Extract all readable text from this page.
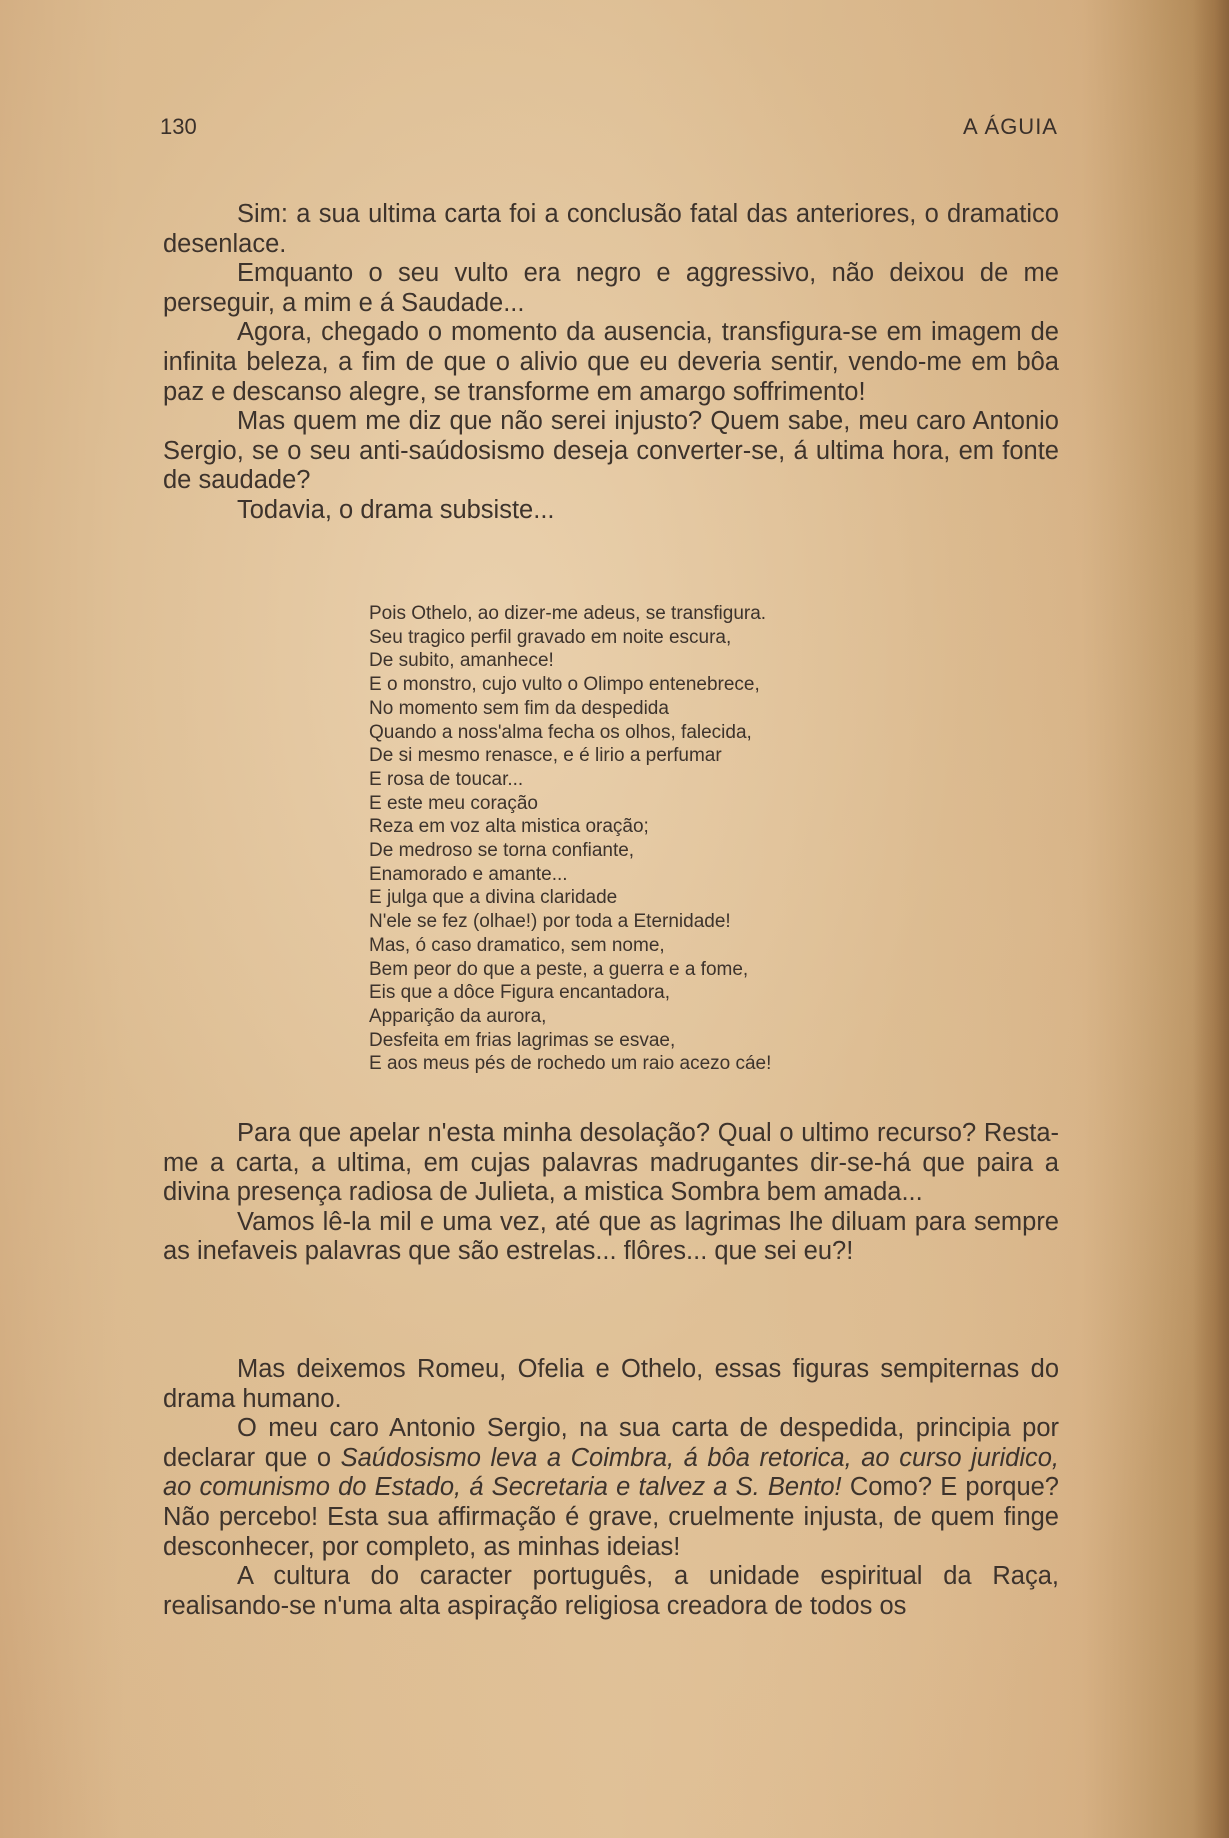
130	A ÁGUIA

Sim: a sua ultima carta foi a conclusão fatal das anteriores, o dramatico desenlace.

Emquanto o seu vulto era negro e aggressivo, não deixou de me perseguir, a mim e á Saudade...

Agora, chegado o momento da ausencia, transfigura-se em imagem de infinita beleza, a fim de que o alivio que eu deveria sentir, vendo-me em bôa paz e descanso alegre, se transforme em amargo soffrimento!

Mas quem me diz que não serei injusto? Quem sabe, meu caro Antonio Sergio, se o seu anti-saúdosismo deseja converter-se, á ultima hora, em fonte de saudade?

Todavia, o drama subsiste...

Pois Othelo, ao dizer-me adeus, se transfigura.
Seu tragico perfil gravado em noite escura,
De subito, amanhece!
E o monstro, cujo vulto o Olimpo entenebrece,
No momento sem fim da despedida
Quando a noss'alma fecha os olhos, falecida,
De si mesmo renasce, e é lirio a perfumar
E rosa de toucar...
E este meu coração
Reza em voz alta mistica oração;
De medroso se torna confiante,
Enamorado e amante...
E julga que a divina claridade
N'ele se fez (olhae!) por toda a Eternidade!
Mas, ó caso dramatico, sem nome,
Bem peor do que a peste, a guerra e a fome,
Eis que a dôce Figura encantadora,
Apparição da aurora,
Desfeita em frias lagrimas se esvae,
E aos meus pés de rochedo um raio acezo cáe!

Para que apelar n'esta minha desolação? Qual o ultimo recurso? Resta-me a carta, a ultima, em cujas palavras madrugantes dir-se-há que paira a divina presença radiosa de Julieta, a mistica Sombra bem amada...

Vamos lê-la mil e uma vez, até que as lagrimas lhe diluam para sempre as inefaveis palavras que são estrelas... flôres... que sei eu?!

Mas deixemos Romeu, Ofelia e Othelo, essas figuras sempiternas do drama humano.

O meu caro Antonio Sergio, na sua carta de despedida, principia por declarar que o Saúdosismo leva a Coimbra, á bôa retorica, ao curso juridico, ao comunismo do Estado, á Secretaria e talvez a S. Bento! Como? E porque? Não percebo! Esta sua affirmação é grave, cruelmente injusta, de quem finge desconhecer, por completo, as minhas ideias!

A cultura do caracter português, a unidade espiritual da Raça, realisando-se n'uma alta aspiração religiosa creadora de todos os
